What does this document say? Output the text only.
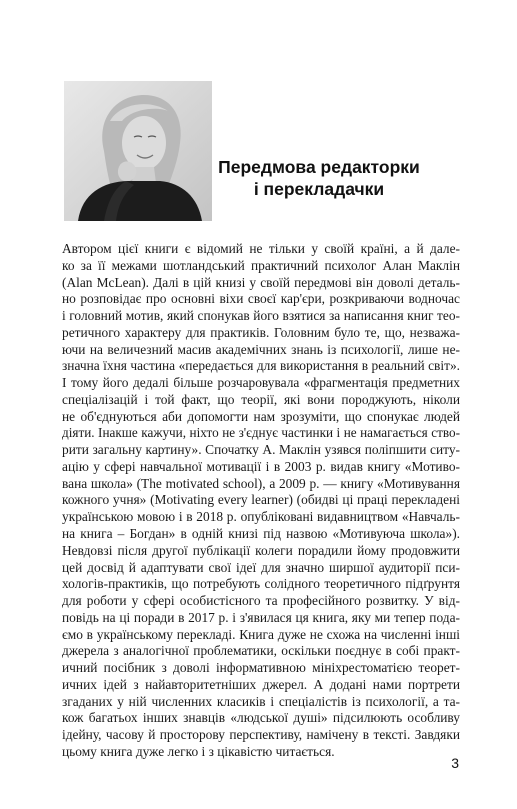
Передмова редакторки
і перекладачки
Автором цієї книги є відомий не тільки у своїй країні, а й дале-
ко за її межами шотландський практичний психолог Алан Маклін
(Alan McLean). Далі в цій книзі у своїй передмові він доволі деталь-
но розповідає про основні віхи своєї кар'єри, розкриваючи водночас
і головний мотив, який спонукав його взятися за написання книг тео-
ретичного характеру для практиків. Головним було те, що, незважа-
ючи на величезний масив академічних знань із психології, лише не-
значна їхня частина «передається для використання в реальний світ».
І тому його дедалі більше розчаровувала «фрагментація предметних
спеціалізацій і той факт, що теорії, які вони породжують, ніколи
не об'єднуються аби допомогти нам зрозуміти, що спонукає людей
діяти. Інакше кажучи, ніхто не з'єднує частинки і не намагається ство-
рити загальну картину». Спочатку А. Маклін узявся поліпшити ситу-
ацію у сфері навчальної мотивації і в 2003 р. видав книгу «Мотиво-
вана школа» (The motivated school), а 2009 р. — книгу «Мотивування
кожного учня» (Motivating every learner) (обидві ці праці перекладені
українською мовою і в 2018 р. опубліковані видавництвом «Навчаль-
на книга – Богдан» в одній книзі під назвою «Мотивуюча школа»).
Невдовзі після другої публікації колеги порадили йому продовжити
цей досвід й адаптувати свої ідеї для значно ширшої аудиторії пси-
хологів-практиків, що потребують солідного теоретичного підґрунтя
для роботи у сфері особистісного та професійного розвитку. У від-
повідь на ці поради в 2017 р. і з'явилася ця книга, яку ми тепер пода-
ємо в українському перекладі. Книга дуже не схожа на численні інші
джерела з аналогічної проблематики, оскільки поєднує в собі практ-
ичний посібник з доволі інформативною мініхрестоматією теорет-
ичних ідей з найавторитетніших джерел. А додані нами портрети
згаданих у ній численних класиків і спеціалістів із психології, а та-
кож багатьох інших знавців «людської душі» підсилюють особливу
ідейну, часову й просторову перспективу, намічену в тексті. Завдяки
цьому книга дуже легко і з цікавістю читається.

3
